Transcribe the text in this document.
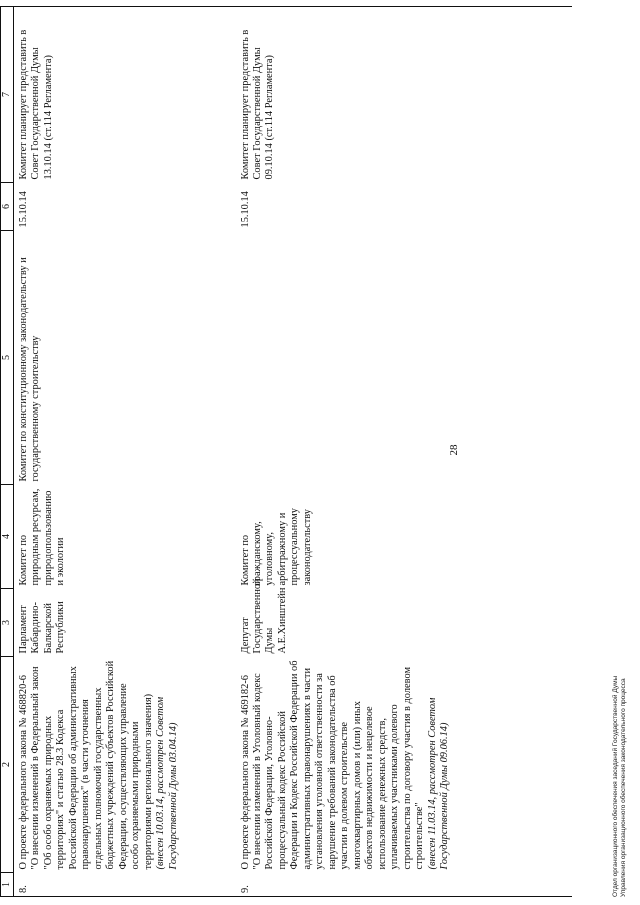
28
1	2	3	4	5	6	7
8.	О проекте федерального закона № 468820-6 "О внесении изменений в Федеральный закон "Об особо охраняемых природных территориях" и статью 28.3 Кодекса Российской Федерации об административных правонарушениях" (в части уточнения отдельных полномочий государственных бюджетных учреждений субъектов Российской Федерации, осуществляющих управление особо охраняемыми природными территориями регионального значения) (внесен 10.03.14, рассмотрен Советом Государственной Думы 03.04.14)	Парламент Кабардино-Балкарской Республики	Комитет по природным ресурсам, природопользованию и экологии	Комитет по конституционному законодательству и государственному строительству	15.10.14	Комитет планирует представить в Совет Государственной Думы 13.10.14 (ст.114 Регламента)
9.	О проекте федерального закона № 469182-6 "О внесении изменений в Уголовный кодекс Российской Федерации, Уголовно-процессуальный кодекс Российской Федерации и Кодекс Российской Федерации об административных правонарушениях в части установления уголовной ответственности за нарушение требований законодательства об участии в долевом строительстве многоквартирных домов и (или) иных объектов недвижимости и нецелевое использование денежных средств, уплачиваемых участниками долевого строительства по договору участия в долевом строительстве" (внесен 11.03.14, рассмотрен Советом Государственной Думы 09.06.14)	Депутат Государственной Думы А.Е.Хинштейн	Комитет по гражданскому, уголовному, арбитражному и процессуальному законодательству		15.10.14	Комитет планирует представить в Совет Государственной Думы 09.10.14 (ст.114 Регламента)
Отдел организационного обеспечения заседаний Государственной Думы Управления организационного обеспечения законодательного процесса
